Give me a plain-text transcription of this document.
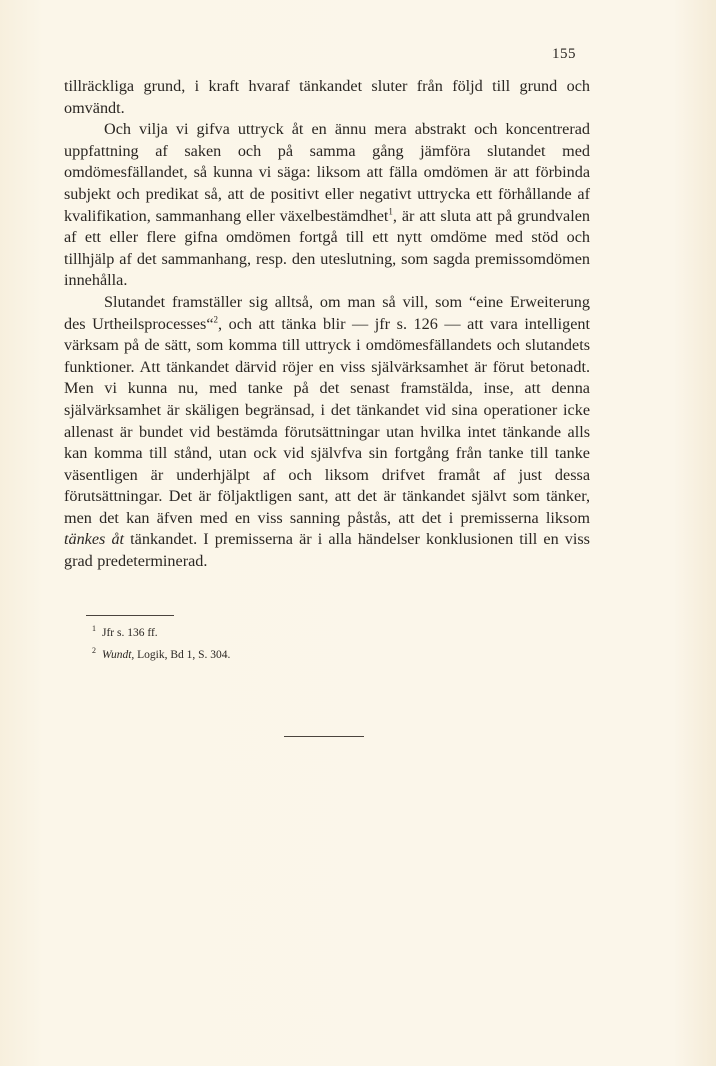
155

tillräckliga grund, i kraft hvaraf tänkandet sluter från följd till grund och omvändt.

Och vilja vi gifva uttryck åt en ännu mera abstrakt och koncentrerad uppfattning af saken och på samma gång jämföra slutandet med omdömesfällandet, så kunna vi säga: liksom att fälla omdömen är att förbinda subjekt och predikat så, att de positivt eller negativt uttrycka ett förhållande af kvalifikation, sammanhang eller växelbestämdhet$^1$, är att sluta att på grundvalen af ett eller flere gifna omdömen fortgå till ett nytt omdöme med stöd och tillhjälp af det sammanhang, resp. den uteslutning, som sagda premissomdömen innehålla.

Slutandet framställer sig alltså, om man så vill, som “eine Erweiterung des Urtheilsprocesses“$^2$, och att tänka blir — jfr s. 126 — att vara intelligent värksam på de sätt, som komma till uttryck i omdömesfällandets och slutandets funktioner. Att tänkandet därvid röjer en viss självärksamhet är förut betonadt. Men vi kunna nu, med tanke på det senast framstälda, inse, att denna självärksamhet är skäligen begränsad, i det tänkandet vid sina operationer icke allenast är bundet vid bestämda förutsättningar utan hvilka intet tänkande alls kan komma till stånd, utan ock vid självfva sin fortgång från tanke till tanke väsentligen är underhjälpt af och liksom drifvet framåt af just dessa förutsättningar. Det är följaktligen sant, att det är tänkandet självt som tänker, men det kan äfven med en viss sanning påstås, att det i premisserna liksom tänkes åt tänkandet. I premisserna är i alla händelser konklusionen till en viss grad predeterminerad.

$^1$ Jfr s. 136 ff.
$^2$ Wundt, Logik, Bd 1, S. 304.
